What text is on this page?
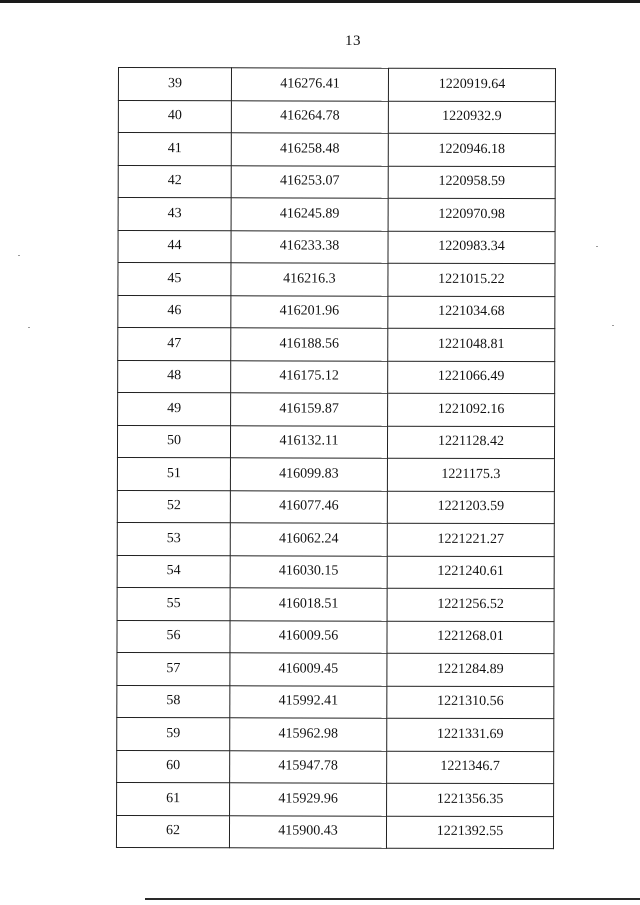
13
39	416276.41	1220919.64
40	416264.78	1220932.9
41	416258.48	1220946.18
42	416253.07	1220958.59
43	416245.89	1220970.98
44	416233.38	1220983.34
45	416216.3	1221015.22
46	416201.96	1221034.68
47	416188.56	1221048.81
48	416175.12	1221066.49
49	416159.87	1221092.16
50	416132.11	1221128.42
51	416099.83	1221175.3
52	416077.46	1221203.59
53	416062.24	1221221.27
54	416030.15	1221240.61
55	416018.51	1221256.52
56	416009.56	1221268.01
57	416009.45	1221284.89
58	415992.41	1221310.56
59	415962.98	1221331.69
60	415947.78	1221346.7
61	415929.96	1221356.35
62	415900.43	1221392.55
